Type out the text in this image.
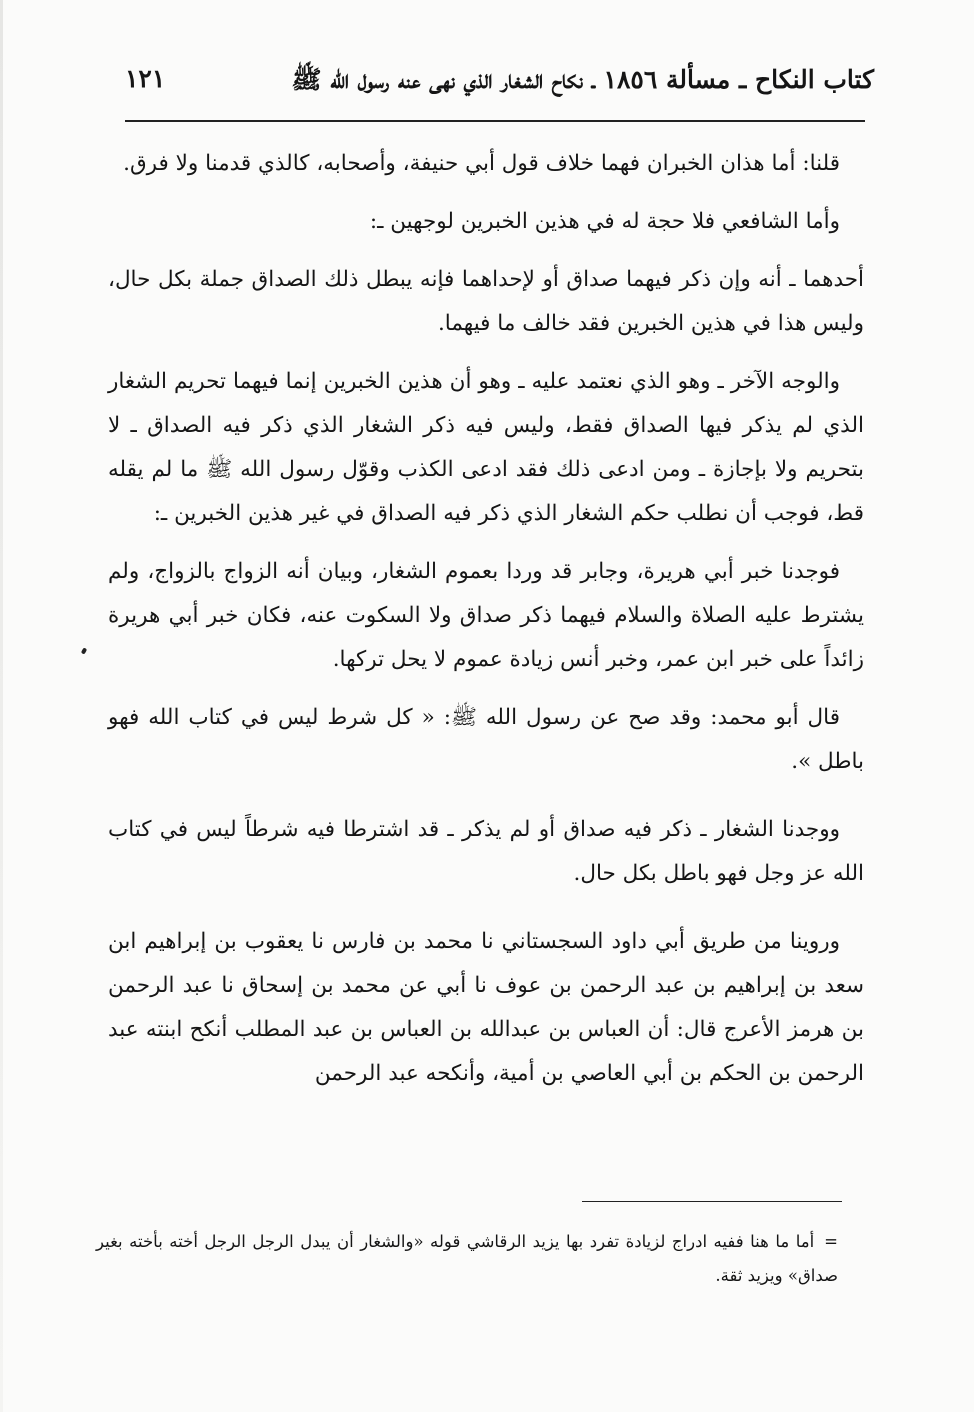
كتاب النكاح ـ مسألة ١٨٥٦ ـ نكاح الشغار الذي نهى عنه رسول الله ﷺ
١٢١

قلنا: أما هذان الخبران فهما خلاف قول أبي حنيفة، وأصحابه، كالذي قدمنا ولا فرق.

وأما الشافعي فلا حجة له في هذين الخبرين لوجهين ـ:

أحدهما ـ أنه وإن ذكر فيهما صداق أو لإحداهما فإنه يبطل ذلك الصداق جملة بكل حال، وليس هذا في هذين الخبرين فقد خالف ما فيهما.

والوجه الآخر ـ وهو الذي نعتمد عليه ـ وهو أن هذين الخبرين إنما فيهما تحريم الشغار الذي لم يذكر فيها الصداق فقط، وليس فيه ذكر الشغار الذي ذكر فيه الصداق ـ لا بتحريم ولا بإجازة ـ ومن ادعى ذلك فقد ادعى الكذب وقوّل رسول الله ﷺ ما لم يقله قط، فوجب أن نطلب حكم الشغار الذي ذكر فيه الصداق في غير هذين الخبرين ـ:

فوجدنا خبر أبي هريرة، وجابر قد وردا بعموم الشغار، وبيان أنه الزواج بالزواج، ولم يشترط عليه الصلاة والسلام فيهما ذكر صداق ولا السكوت عنه، فكان خبر أبي هريرة زائداً على خبر ابن عمر، وخبر أنس زيادة عموم لا يحل تركها.

قال أبو محمد: وقد صح عن رسول الله ﷺ: « كل شرط ليس في كتاب الله فهو باطل ».

ووجدنا الشغار ـ ذكر فيه صداق أو لم يذكر ـ قد اشترطا فيه شرطاً ليس في كتاب الله عز وجل فهو باطل بكل حال.

وروينا من طريق أبي داود السجستاني نا محمد بن فارس نا يعقوب بن إبراهيم ابن سعد بن إبراهيم بن عبد الرحمن بن عوف نا أبي عن محمد بن إسحاق نا عبد الرحمن بن هرمز الأعرج قال: أن العباس بن عبدالله بن العباس بن عبد المطلب أنكح ابنته عبد الرحمن بن الحكم بن أبي العاصي بن أمية، وأنكحه عبد الرحمن

=أما ما هنا ففيه ادراج لزيادة تفرد بها يزيد الرقاشي قوله «والشغار أن يبدل الرجل الرجل أخته بأخته بغير صداق» ويزيد ثقة.
